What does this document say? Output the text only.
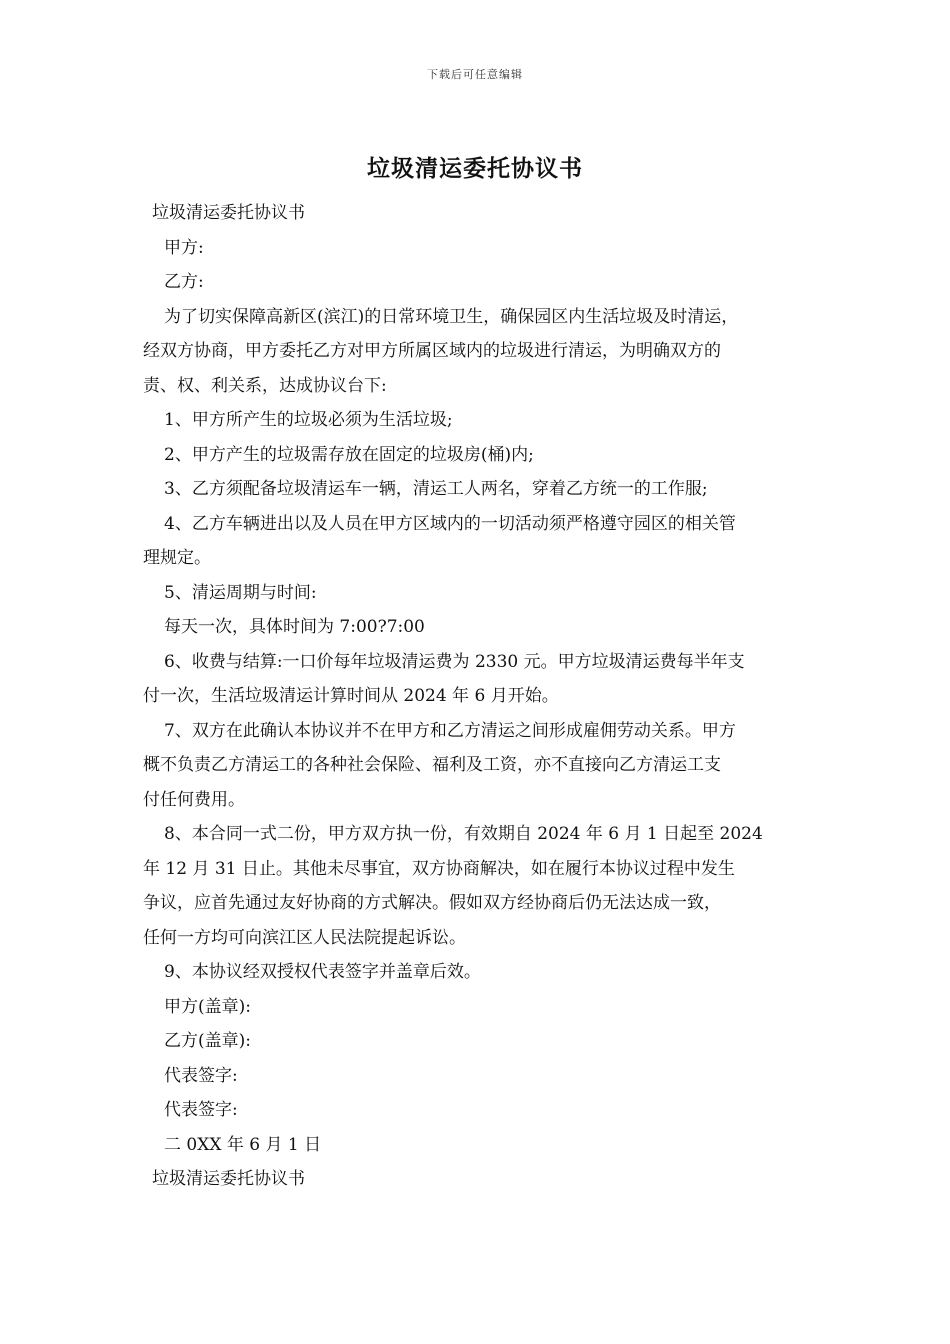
下载后可任意编辑
垃圾清运委托协议书
垃圾清运委托协议书
甲方:
乙方:
为了切实保障高新区(滨江)的日常环境卫生，确保园区内生活垃圾及时清运，
经双方协商，甲方委托乙方对甲方所属区域内的垃圾进行清运，为明确双方的
责、权、利关系，达成协议台下:
1、甲方所产生的垃圾必须为生活垃圾;
2、甲方产生的垃圾需存放在固定的垃圾房(桶)内;
3、乙方须配备垃圾清运车一辆，清运工人两名，穿着乙方统一的工作服;
4、乙方车辆进出以及人员在甲方区域内的一切活动须严格遵守园区的相关管
理规定。
5、清运周期与时间:
每天一次，具体时间为 7:00?7:00
6、收费与结算:一口价每年垃圾清运费为 2330 元。甲方垃圾清运费每半年支
付一次，生活垃圾清运计算时间从 2024 年 6 月开始。
7、双方在此确认本协议并不在甲方和乙方清运之间形成雇佣劳动关系。甲方
概不负责乙方清运工的各种社会保险、福利及工资，亦不直接向乙方清运工支
付任何费用。
8、本合同一式二份，甲方双方执一份，有效期自 2024 年 6 月 1 日起至 2024
年 12 月 31 日止。其他未尽事宜，双方协商解决，如在履行本协议过程中发生
争议，应首先通过友好协商的方式解决。假如双方经协商后仍无法达成一致，
任何一方均可向滨江区人民法院提起诉讼。
9、本协议经双授权代表签字并盖章后效。
甲方(盖章):
乙方(盖章):
代表签字:
代表签字:
二 0XX 年 6 月 1 日
垃圾清运委托协议书
